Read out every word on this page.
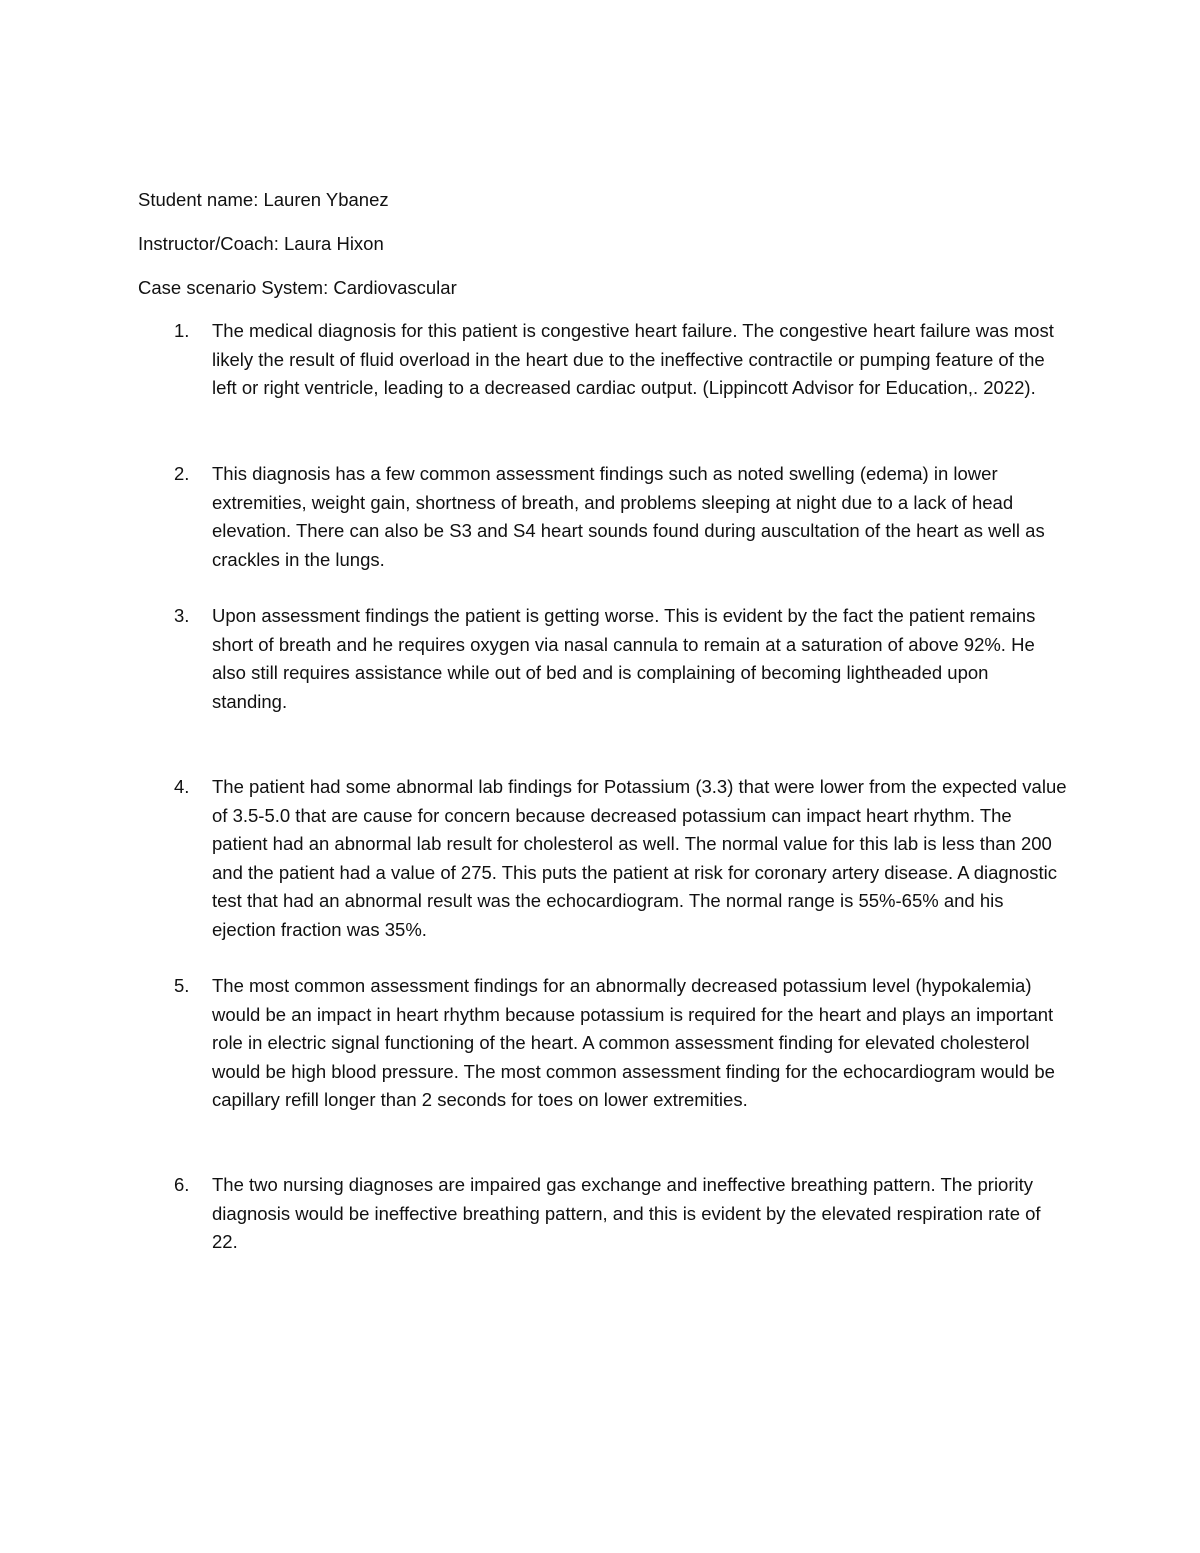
Student name: Lauren Ybanez
Instructor/Coach: Laura Hixon
Case scenario System: Cardiovascular
1. The medical diagnosis for this patient is congestive heart failure. The congestive heart failure was most likely the result of fluid overload in the heart due to the ineffective contractile or pumping feature of the left or right ventricle, leading to a decreased cardiac output. (Lippincott Advisor for Education,. 2022).
2. This diagnosis has a few common assessment findings such as noted swelling (edema) in lower extremities, weight gain, shortness of breath, and problems sleeping at night due to a lack of head elevation. There can also be S3 and S4 heart sounds found during auscultation of the heart as well as crackles in the lungs.
3. Upon assessment findings the patient is getting worse. This is evident by the fact the patient remains short of breath and he requires oxygen via nasal cannula to remain at a saturation of above 92%. He also still requires assistance while out of bed and is complaining of becoming lightheaded upon standing.
4. The patient had some abnormal lab findings for Potassium (3.3) that were lower from the expected value of 3.5-5.0 that are cause for concern because decreased potassium can impact heart rhythm. The patient had an abnormal lab result for cholesterol as well. The normal value for this lab is less than 200 and the patient had a value of 275. This puts the patient at risk for coronary artery disease. A diagnostic test that had an abnormal result was the echocardiogram. The normal range is 55%-65% and his ejection fraction was 35%.
5. The most common assessment findings for an abnormally decreased potassium level (hypokalemia) would be an impact in heart rhythm because potassium is required for the heart and plays an important role in electric signal functioning of the heart. A common assessment finding for elevated cholesterol would be high blood pressure. The most common assessment finding for the echocardiogram would be capillary refill longer than 2 seconds for toes on lower extremities.
6. The two nursing diagnoses are impaired gas exchange and ineffective breathing pattern. The priority diagnosis would be ineffective breathing pattern, and this is evident by the elevated respiration rate of 22.
